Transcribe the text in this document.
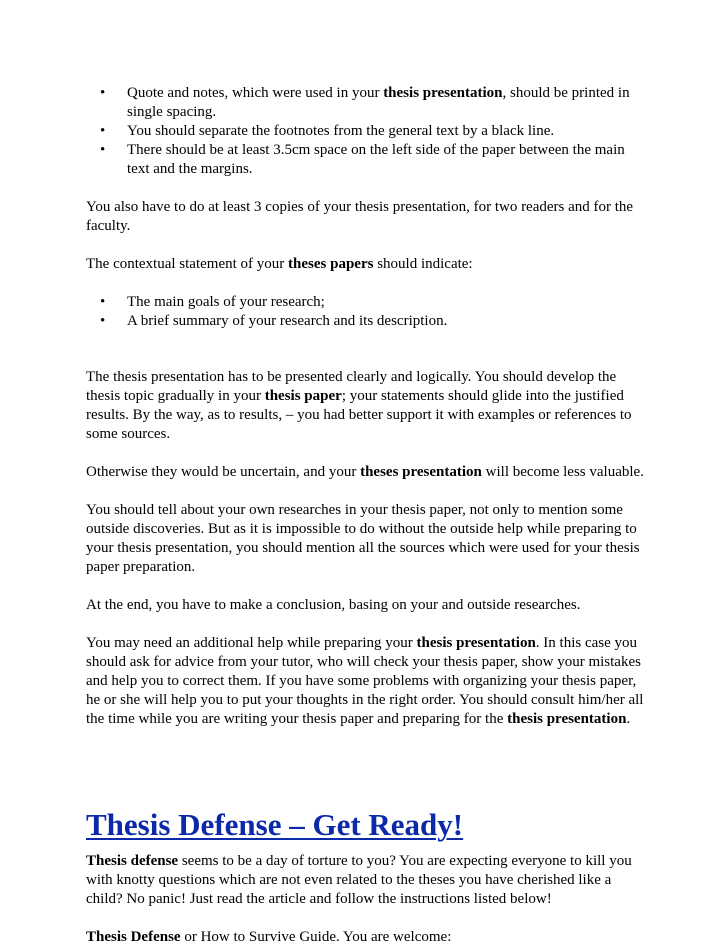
• Quote and notes, which were used in your thesis presentation, should be printed in single spacing.
• You should separate the footnotes from the general text by a black line.
• There should be at least 3.5cm space on the left side of the paper between the main text and the margins.

You also have to do at least 3 copies of your thesis presentation, for two readers and for the faculty.

The contextual statement of your theses papers should indicate:

• The main goals of your research;
• A brief summary of your research and its description.

The thesis presentation has to be presented clearly and logically. You should develop the thesis topic gradually in your thesis paper; your statements should glide into the justified results. By the way, as to results, – you had better support it with examples or references to some sources.

Otherwise they would be uncertain, and your theses presentation will become less valuable.

You should tell about your own researches in your thesis paper, not only to mention some outside discoveries. But as it is impossible to do without the outside help while preparing to your thesis presentation, you should mention all the sources which were used for your thesis paper preparation.

At the end, you have to make a conclusion, basing on your and outside researches.

You may need an additional help while preparing your thesis presentation. In this case you should ask for advice from your tutor, who will check your thesis paper, show your mistakes and help you to correct them. If you have some problems with organizing your thesis paper, he or she will help you to put your thoughts in the right order. You should consult him/her all the time while you are writing your thesis paper and preparing for the thesis presentation.

Thesis Defense – Get Ready!

Thesis defense seems to be a day of torture to you? You are expecting everyone to kill you with knotty questions which are not even related to the theses you have cherished like a child? No panic! Just read the article and follow the instructions listed below!

Thesis Defense or How to Survive Guide. You are welcome:
